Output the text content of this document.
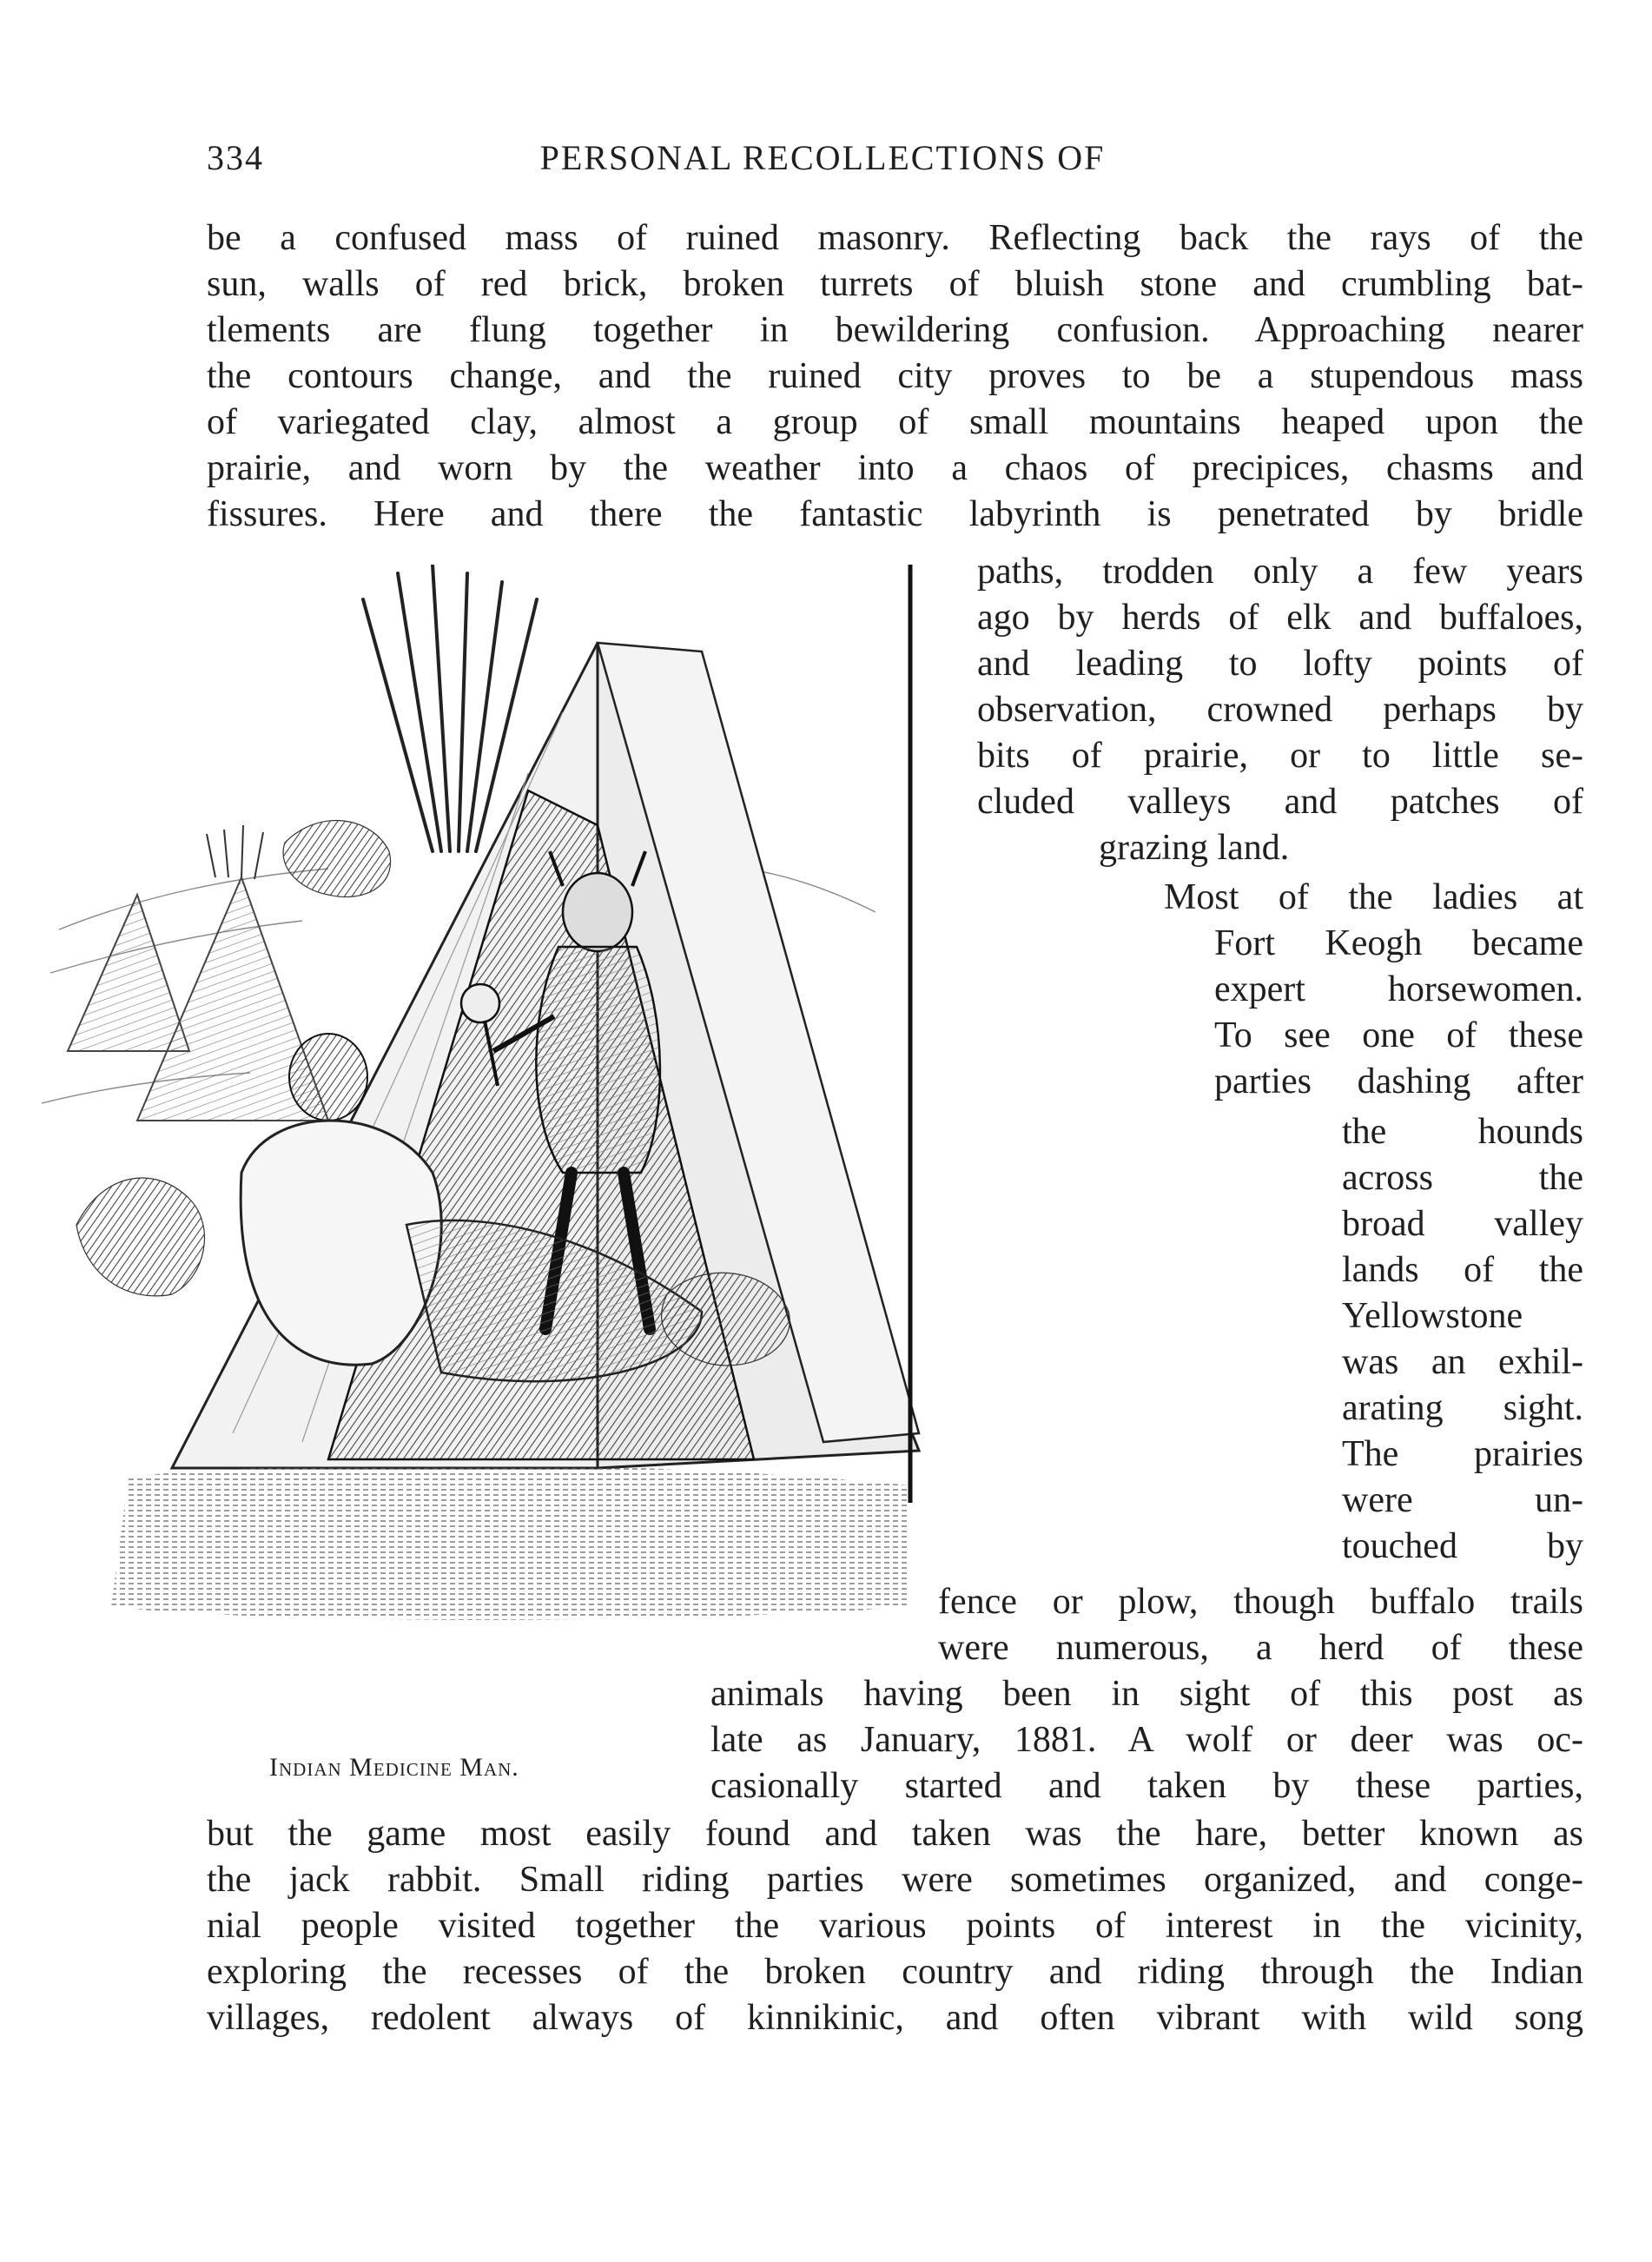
334	PERSONAL RECOLLECTIONS OF
Indian Medicine Man.
be a confused mass of ruined masonry. Reflecting back the rays of the
sun, walls of red brick, broken turrets of bluish stone and crumbling bat-
tlements are flung together in bewildering confusion. Approaching nearer
the contours change, and the ruined city proves to be a stupendous mass
of variegated clay, almost a group of small mountains heaped upon the
prairie, and worn by the weather into a chaos of precipices, chasms and
fissures. Here and there the fantastic labyrinth is penetrated by bridle
paths, trodden only a few years
ago by herds of elk and buffaloes,
and leading to lofty points of
observation, crowned perhaps by
bits of prairie, or to little se-
cluded valleys and patches of
grazing land.
Most of the ladies at
Fort Keogh became
expert horsewomen.
To see one of these
parties dashing after
the hounds
across the
broad valley
lands of the
Yellowstone
was an exhil-
arating sight.
The prairies
were un-
touched by
fence or plow, though buffalo trails
were numerous, a herd of these
animals having been in sight of this post as
late as January, 1881. A wolf or deer was oc-
casionally started and taken by these parties,
but the game most easily found and taken was the hare, better known as
the jack rabbit. Small riding parties were sometimes organized, and conge-
nial people visited together the various points of interest in the vicinity,
exploring the recesses of the broken country and riding through the Indian
villages, redolent always of kinnikinic, and often vibrant with wild song
